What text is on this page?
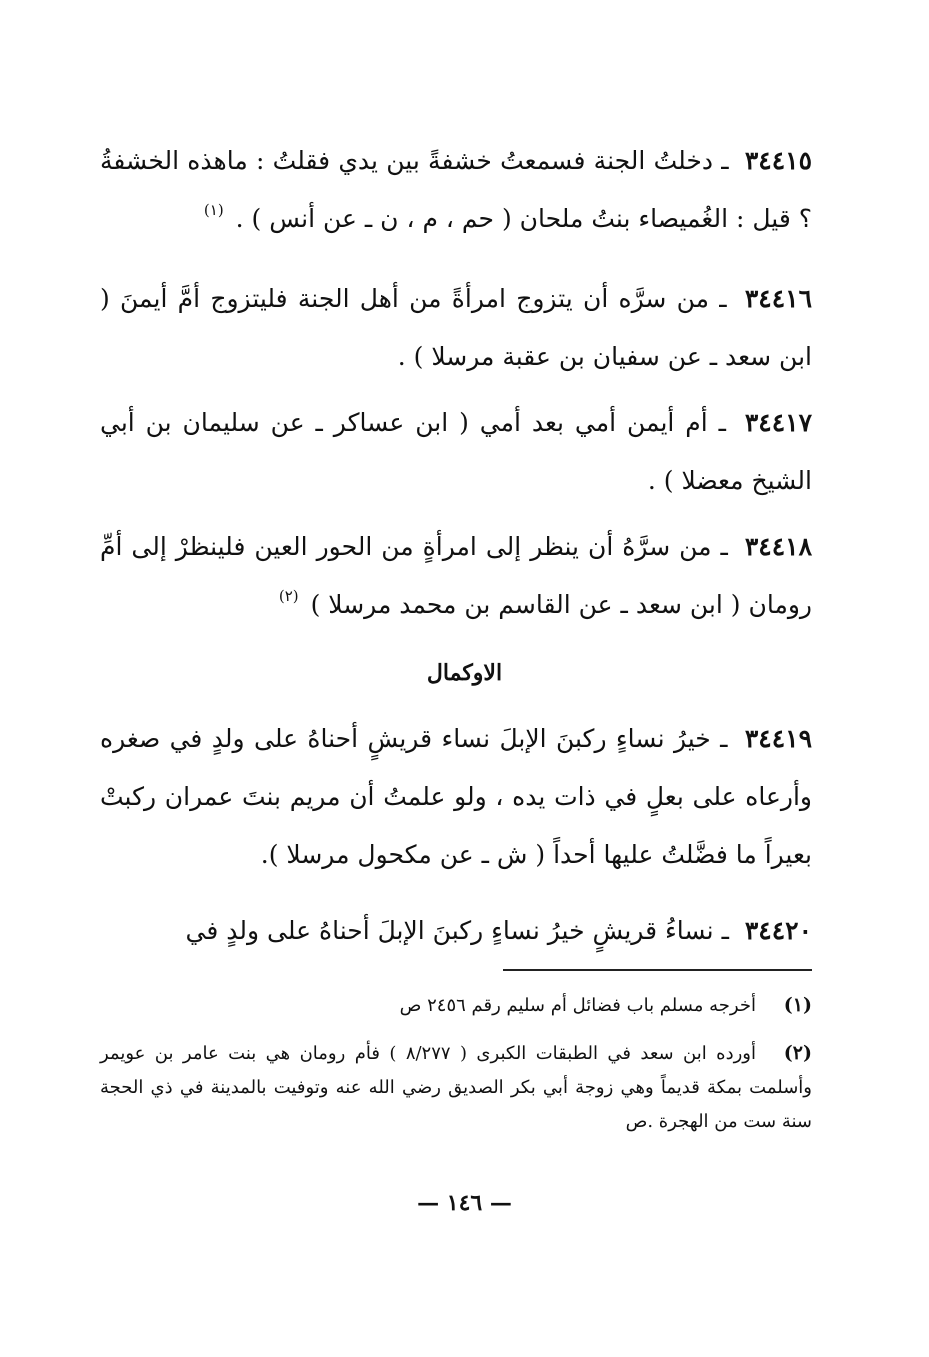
٣٤٤١٥ ـ دخلتُ الجنة فسمعتُ خشفةً بين يدي فقلتُ : ماهذه الخشفةُ ؟ قيل : الغُميصاء بنتُ ملحان ( حم ، م ، ن ـ عن أنس ) . $^{(١)}$

٣٤٤١٦ ـ من سرَّه أن يتزوج امرأةً من أهل الجنة فليتزوج أمَّ أيمنَ ( ابن سعد ـ عن سفيان بن عقبة مرسلا ) .

٣٤٤١٧ ـ أم أيمن أمي بعد أمي ( ابن عساكر ـ عن سليمان بن أبي الشيخ معضلا ) .

٣٤٤١٨ ـ من سرَّهُ أن ينظر إلى امرأةٍ من الحور العين فلينظرْ إلى أمِّ رومان ( ابن سعد ـ عن القاسم بن محمد مرسلا ) $^{(٢)}$

الاوكمال

٣٤٤١٩ ـ خيرُ نساءٍ ركبنَ الإبلَ نساء قريشٍ أحناهُ على ولدٍ في صغره وأرعاه على بعلٍ في ذات يده ، ولو علمتُ أن مريم بنتَ عمران ركبتْ بعيراً ما فضَّلتُ عليها أحداً ( ش ـ عن مكحول مرسلا ).

٣٤٤٢٠ ـ نساءُ قريشٍ خيرُ نساءٍ ركبنَ الإبلَ أحناهُ على ولدٍ في

(١)أخرجه مسلم باب فضائل أم سليم رقم ٢٤٥٦ ص

(٢)أورده ابن سعد في الطبقات الكبرى ( ٨/٢٧٧ ) فأم رومان هي بنت عامر بن عويمر وأسلمت بمكة قديماً وهي زوجة أبي بكر الصديق رضي الله عنه وتوفيت بالمدينة في ذي الحجة سنة ست من الهجرة .ص

— ١٤٦ —
